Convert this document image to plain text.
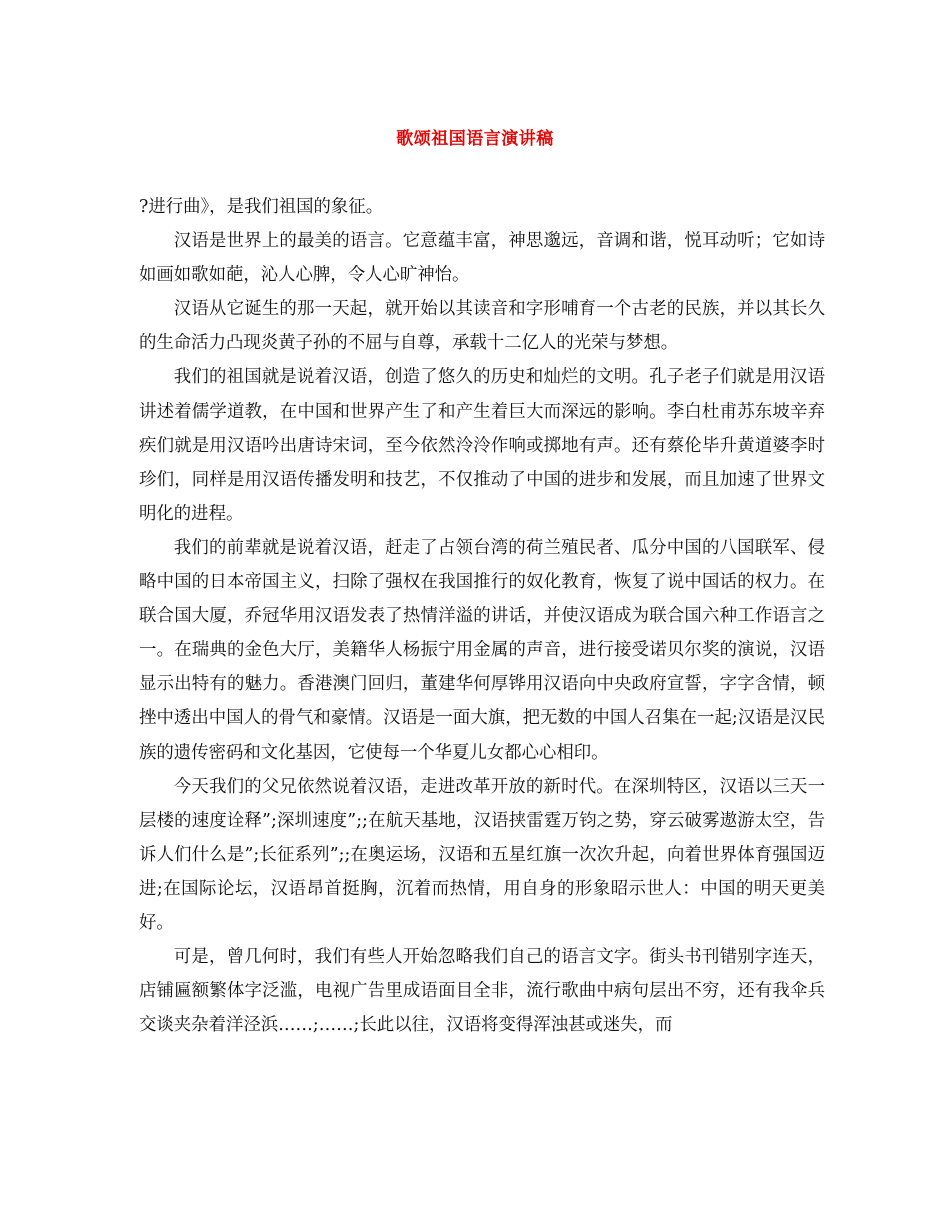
歌颂祖国语言演讲稿

?进行曲》，是我们祖国的象征。

汉语是世界上的最美的语言。它意蕴丰富，神思邈远，音调和谐，悦耳动听；它如诗如画如歌如葩，沁人心脾，令人心旷神怡。

汉语从它诞生的那一天起，就开始以其读音和字形哺育一个古老的民族，并以其长久的生命活力凸现炎黄子孙的不屈与自尊，承载十二亿人的光荣与梦想。

我们的祖国就是说着汉语，创造了悠久的历史和灿烂的文明。孔子老子们就是用汉语讲述着儒学道教，在中国和世界产生了和产生着巨大而深远的影响。李白杜甫苏东坡辛弃疾们就是用汉语吟出唐诗宋词，至今依然泠泠作响或掷地有声。还有蔡伦毕升黄道婆李时珍们，同样是用汉语传播发明和技艺，不仅推动了中国的进步和发展，而且加速了世界文明化的进程。

我们的前辈就是说着汉语，赶走了占领台湾的荷兰殖民者、瓜分中国的八国联军、侵略中国的日本帝国主义，扫除了强权在我国推行的奴化教育，恢复了说中国话的权力。在联合国大厦，乔冠华用汉语发表了热情洋溢的讲话，并使汉语成为联合国六种工作语言之一。在瑞典的金色大厅，美籍华人杨振宁用金属的声音，进行接受诺贝尔奖的演说，汉语显示出特有的魅力。香港澳门回归，董建华何厚铧用汉语向中央政府宣誓，字字含情，顿挫中透出中国人的骨气和豪情。汉语是一面大旗，把无数的中国人召集在一起;汉语是汉民族的遗传密码和文化基因，它使每一个华夏儿女都心心相印。

今天我们的父兄依然说着汉语，走进改革开放的新时代。在深圳特区，汉语以三天一层楼的速度诠释”;深圳速度”;;在航天基地，汉语挟雷霆万钧之势，穿云破雾遨游太空，告诉人们什么是”;长征系列”;;在奥运场，汉语和五星红旗一次次升起，向着世界体育强国迈进;在国际论坛，汉语昂首挺胸，沉着而热情，用自身的形象昭示世人：中国的明天更美好。

可是，曾几何时，我们有些人开始忽略我们自己的语言文字。街头书刊错别字连天，店铺匾额繁体字泛滥，电视广告里成语面目全非，流行歌曲中病句层出不穷，还有我伞兵交谈夹杂着洋泾浜……;……;长此以往，汉语将变得浑浊甚或迷失，而
